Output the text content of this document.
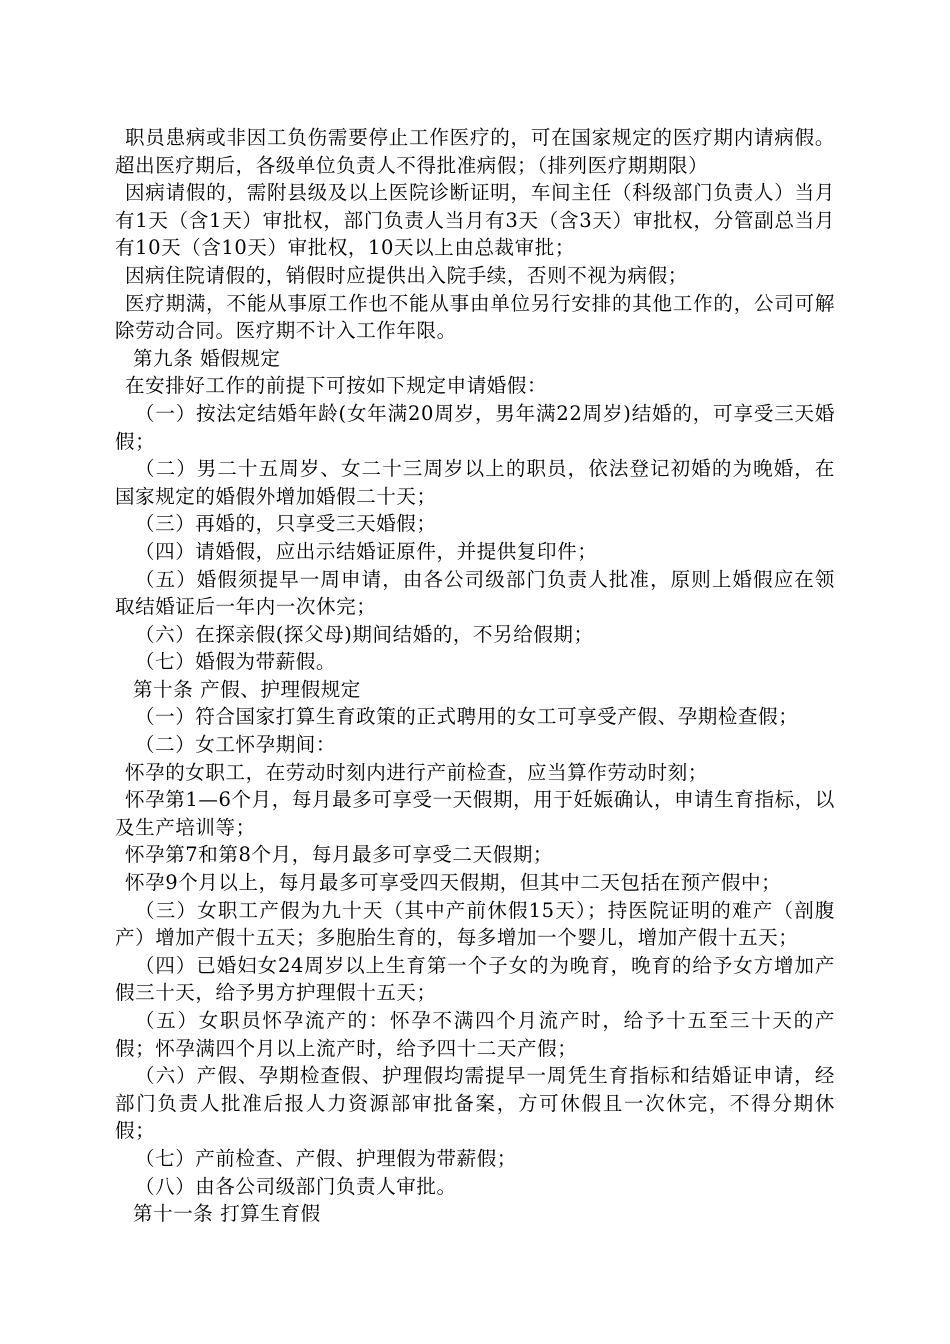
职员患病或非因工负伤需要停止工作医疗的，可在国家规定的医疗期内请病假。超出医疗期后，各级单位负责人不得批准病假；（排列医疗期期限）

因病请假的，需附县级及以上医院诊断证明，车间主任（科级部门负责人）当月有1天（含1天）审批权，部门负责人当月有3天（含3天）审批权，分管副总当月有10天（含10天）审批权，10天以上由总裁审批；

因病住院请假的，销假时应提供出入院手续，否则不视为病假；

医疗期满，不能从事原工作也不能从事由单位另行安排的其他工作的，公司可解除劳动合同。医疗期不计入工作年限。

第九条 婚假规定

在安排好工作的前提下可按如下规定申请婚假：

（一）按法定结婚年龄(女年满20周岁，男年满22周岁)结婚的，可享受三天婚假；

（二）男二十五周岁、女二十三周岁以上的职员，依法登记初婚的为晚婚，在国家规定的婚假外增加婚假二十天；

（三）再婚的，只享受三天婚假；

（四）请婚假，应出示结婚证原件，并提供复印件；

（五）婚假须提早一周申请，由各公司级部门负责人批准，原则上婚假应在领取结婚证后一年内一次休完；

（六）在探亲假(探父母)期间结婚的，不另给假期；

（七）婚假为带薪假。

第十条 产假、护理假规定

（一）符合国家打算生育政策的正式聘用的女工可享受产假、孕期检查假；

（二）女工怀孕期间：

怀孕的女职工，在劳动时刻内进行产前检查，应当算作劳动时刻；

怀孕第1—6个月，每月最多可享受一天假期，用于妊娠确认，申请生育指标，以及生产培训等；

怀孕第7和第8个月，每月最多可享受二天假期；

怀孕9个月以上，每月最多可享受四天假期，但其中二天包括在预产假中；

（三）女职工产假为九十天（其中产前休假15天）；持医院证明的难产（剖腹产）增加产假十五天；多胞胎生育的，每多增加一个婴儿，增加产假十五天；

（四）已婚妇女24周岁以上生育第一个子女的为晚育，晚育的给予女方增加产假三十天，给予男方护理假十五天；

（五）女职员怀孕流产的：怀孕不满四个月流产时，给予十五至三十天的产假；怀孕满四个月以上流产时，给予四十二天产假；

（六）产假、孕期检查假、护理假均需提早一周凭生育指标和结婚证申请，经部门负责人批准后报人力资源部审批备案，方可休假且一次休完，不得分期休假；

（七）产前检查、产假、护理假为带薪假；

（八）由各公司级部门负责人审批。

第十一条 打算生育假
